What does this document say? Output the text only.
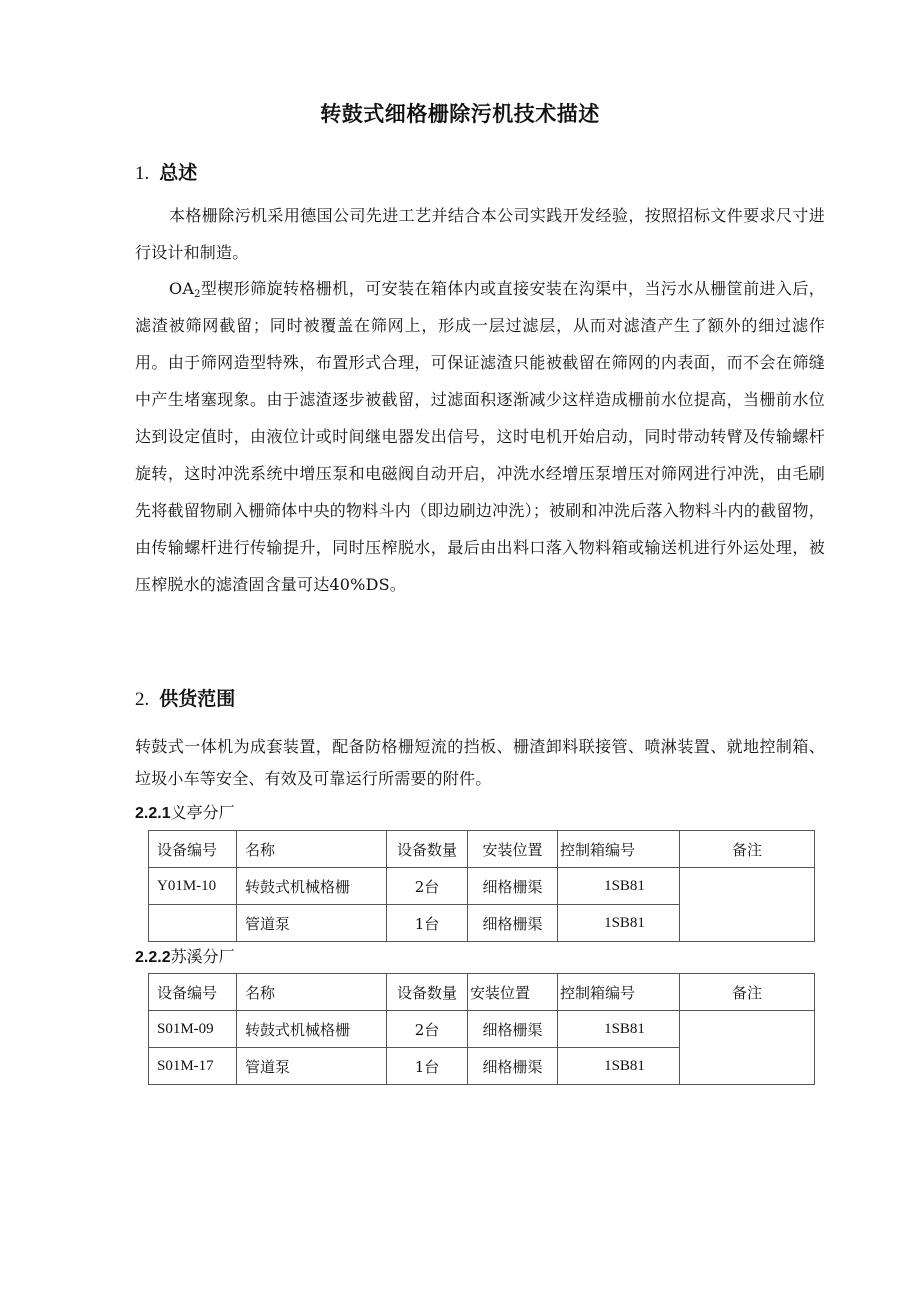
转鼓式细格栅除污机技术描述
1. 总述
本格栅除污机采用德国公司先进工艺并结合本公司实践开发经验，按照招标文件要求尺寸进行设计和制造。
$OA_2$型楔形筛旋转格栅机，可安装在箱体内或直接安装在沟渠中，当污水从栅筐前进入后，滤渣被筛网截留；同时被覆盖在筛网上，形成一层过滤层，从而对滤渣产生了额外的细过滤作用。由于筛网造型特殊，布置形式合理，可保证滤渣只能被截留在筛网的内表面，而不会在筛缝中产生堵塞现象。由于滤渣逐步被截留，过滤面积逐渐减少这样造成栅前水位提高，当栅前水位达到设定值时，由液位计或时间继电器发出信号，这时电机开始启动，同时带动转臂及传输螺杆旋转，这时冲洗系统中增压泵和电磁阀自动开启，冲洗水经增压泵增压对筛网进行冲洗，由毛刷先将截留物刷入栅筛体中央的物料斗内（即边刷边冲洗）；被刷和冲洗后落入物料斗内的截留物，由传输螺杆进行传输提升，同时压榨脱水，最后由出料口落入物料箱或输送机进行外运处理，被压榨脱水的滤渣固含量可达40%DS。
2. 供货范围
转鼓式一体机为成套装置，配备防格栅短流的挡板、栅渣卸料联接管、喷淋装置、就地控制箱、垃圾小车等安全、有效及可靠运行所需要的附件。
2.2.1义亭分厂
设备编号	名称	设备数量	安装位置	控制箱编号	备注
Y01M-10	转鼓式机械格栅	2台	细格栅渠	1SB81	
	管道泵	1台	细格栅渠	1SB81	
2.2.2苏溪分厂
设备编号	名称	设备数量	安装位置	控制箱编号	备注
S01M-09	转鼓式机械格栅	2台	细格栅渠	1SB81	
S01M-17	管道泵	1台	细格栅渠	1SB81	
